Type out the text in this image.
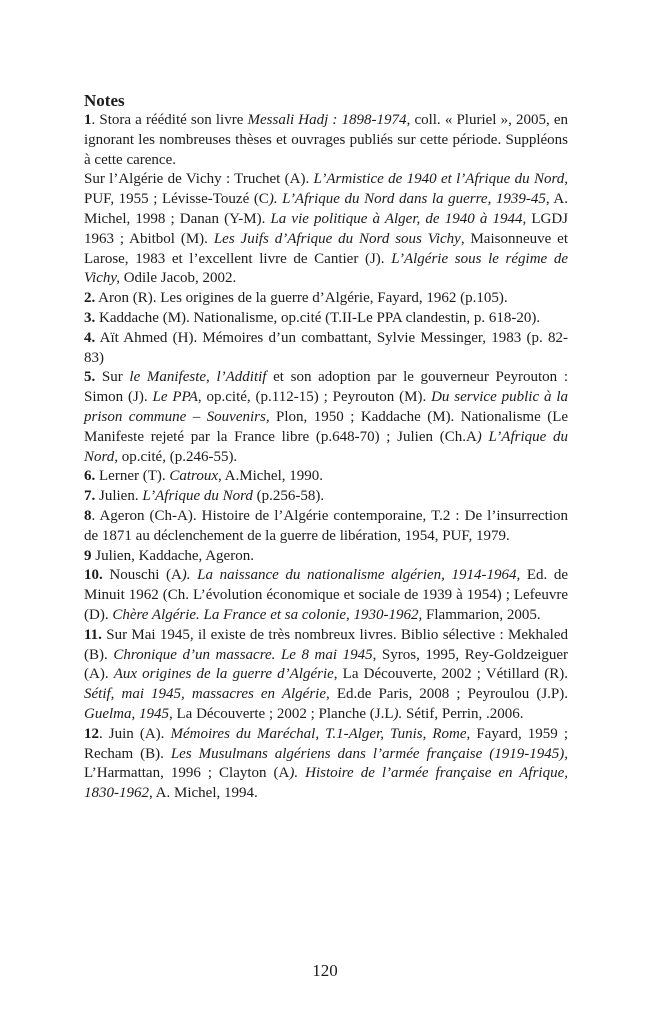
Notes

1. Stora a réédité son livre Messali Hadj : 1898-1974, coll. « Pluriel », 2005, en ignorant les nombreuses thèses et ouvrages publiés sur cette période. Suppléons à cette carence.

Sur l’Algérie de Vichy : Truchet (A). L’Armistice de 1940 et l’Afrique du Nord, PUF, 1955 ; Lévisse-Touzé (C). L’Afrique du Nord dans la guerre, 1939-45, A. Michel, 1998 ; Danan (Y-M). La vie politique à Alger, de 1940 à 1944, LGDJ 1963 ; Abitbol (M). Les Juifs d’Afrique du Nord sous Vichy, Maisonneuve et Larose, 1983 et l’excellent livre de Cantier (J). L’Algérie sous le régime de Vichy, Odile Jacob, 2002.

2. Aron (R). Les origines de la guerre d’Algérie, Fayard, 1962 (p.105).

3. Kaddache (M). Nationalisme, op.cité (T.II-Le PPA clandestin, p. 618-20).

4. Aït Ahmed (H). Mémoires d’un combattant, Sylvie Messinger, 1983 (p. 82-83)

5. Sur le Manifeste, l’Additif et son adoption par le gouverneur Peyrouton : Simon (J). Le PPA, op.cité, (p.112-15) ; Peyrouton (M). Du service public à la prison commune – Souvenirs, Plon, 1950 ; Kaddache (M). Nationalisme (Le Manifeste rejeté par la France libre (p.648-70) ; Julien (Ch.A) L’Afrique du Nord, op.cité, (p.246-55).

6. Lerner (T). Catroux, A.Michel, 1990.

7. Julien. L’Afrique du Nord (p.256-58).

8. Ageron (Ch-A). Histoire de l’Algérie contemporaine, T.2 : De l’insurrection de 1871 au déclenchement de la guerre de libération, 1954, PUF, 1979.

9 Julien, Kaddache, Ageron.

10. Nouschi (A). La naissance du nationalisme algérien, 1914-1964, Ed. de Minuit 1962 (Ch. L’évolution économique et sociale de 1939 à 1954) ; Lefeuvre (D). Chère Algérie. La France et sa colonie, 1930-1962, Flammarion, 2005.

11. Sur Mai 1945, il existe de très nombreux livres. Biblio sélective : Mekhaled (B). Chronique d’un massacre. Le 8 mai 1945, Syros, 1995, Rey-Goldzeiguer (A). Aux origines de la guerre d’Algérie, La Découverte, 2002 ; Vétillard (R). Sétif, mai 1945, massacres en Algérie, Ed.de Paris, 2008 ; Peyroulou (J.P). Guelma, 1945, La Découverte ; 2002 ; Planche (J.L). Sétif, Perrin, .2006.

12. Juin (A). Mémoires du Maréchal, T.1-Alger, Tunis, Rome, Fayard, 1959 ; Recham (B). Les Musulmans algériens dans l’armée française (1919-1945), L’Harmattan, 1996 ; Clayton (A). Histoire de l’armée française en Afrique, 1830-1962, A. Michel, 1994.

120
